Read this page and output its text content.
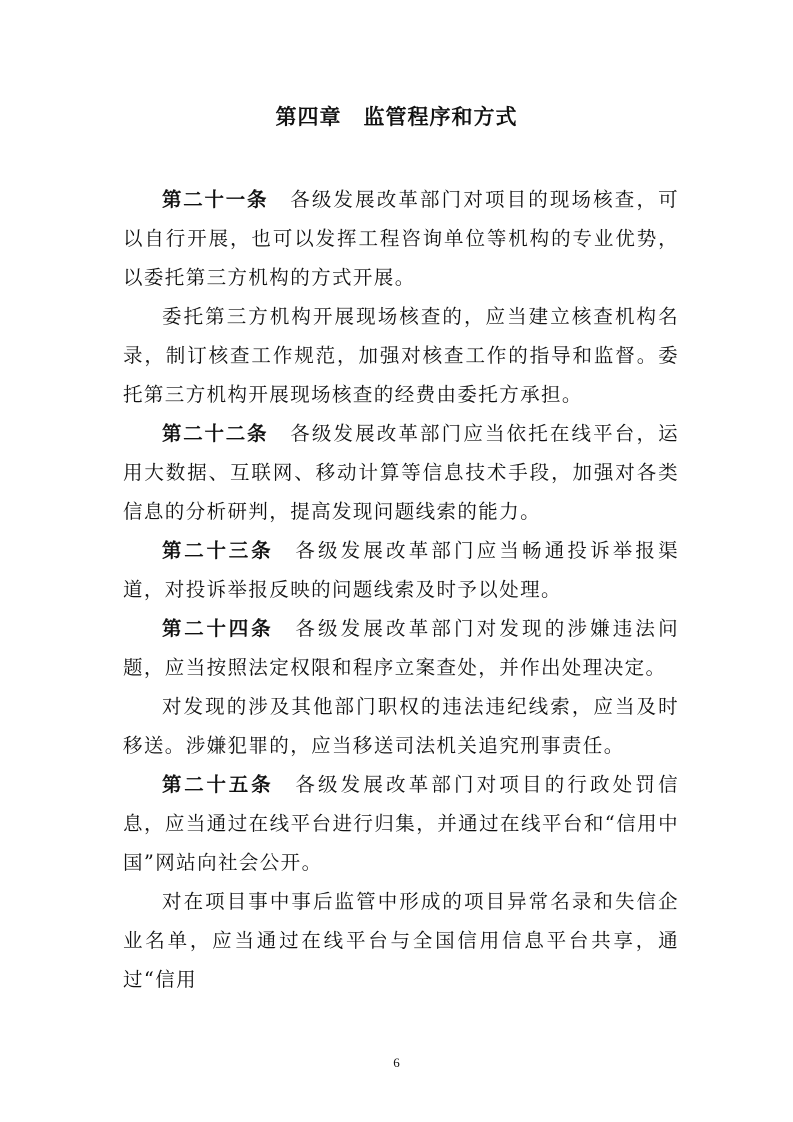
第四章　监管程序和方式

第二十一条 各级发展改革部门对项目的现场核查，可以自行开展，也可以发挥工程咨询单位等机构的专业优势，以委托第三方机构的方式开展。

委托第三方机构开展现场核查的，应当建立核查机构名录，制订核查工作规范，加强对核查工作的指导和监督。委托第三方机构开展现场核查的经费由委托方承担。

第二十二条 各级发展改革部门应当依托在线平台，运用大数据、互联网、移动计算等信息技术手段，加强对各类信息的分析研判，提高发现问题线索的能力。

第二十三条 各级发展改革部门应当畅通投诉举报渠道，对投诉举报反映的问题线索及时予以处理。

第二十四条 各级发展改革部门对发现的涉嫌违法问题，应当按照法定权限和程序立案查处，并作出处理决定。

对发现的涉及其他部门职权的违法违纪线索，应当及时移送。涉嫌犯罪的，应当移送司法机关追究刑事责任。

第二十五条 各级发展改革部门对项目的行政处罚信息，应当通过在线平台进行归集，并通过在线平台和“信用中国”网站向社会公开。

对在项目事中事后监管中形成的项目异常名录和失信企业名单，应当通过在线平台与全国信用信息平台共享，通过“信用

6
